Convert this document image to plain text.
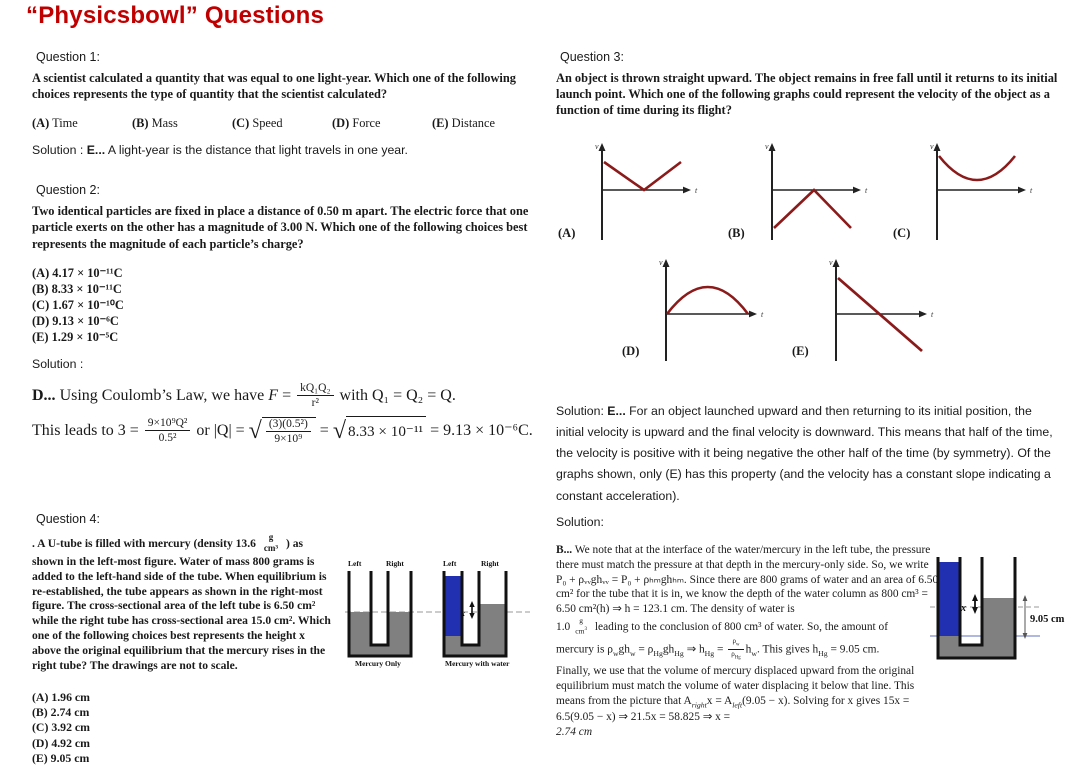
“Physicsbowl” Questions
Question 1:
A scientist calculated a quantity that was equal to one light-year. Which one of the following choices represents the type of quantity that the scientist calculated?
(A) Time	(B) Mass	(C) Speed	(D) Force	(E) Distance
Solution : E... A light-year is the distance that light travels in one year.
Question 2:
Two identical particles are fixed in place a distance of 0.50 m apart. The electric force that one particle exerts on the other has a magnitude of 3.00 N. Which one of the following choices best represents the magnitude of each particle’s charge?
(A) 4.17 × 10⁻¹¹C
(B) 8.33 × 10⁻¹¹C
(C) 1.67 × 10⁻¹⁰C
(D) 9.13 × 10⁻⁶C
(E) 1.29 × 10⁻⁵C
Solution :
D... Using Coulomb’s Law, we have $F = \frac{\text{kQ₁Q₂}}{\text{r²}}$ with Q₁ = Q₂ = Q.
This leads to $3 = \frac{\text{9×10⁹Q²}}{\text{0.5²}}$ or |Q| = √ $\frac{\text{(3)(0.5²)}}{\text{9×10⁹}}$ = √ 8.33 × 10⁻¹¹ = 9.13 × 10⁻⁶C.
Question 4:
. A U-tube is filled with mercury (density 13.6
g
cm³ ) as shown in the left-most figure. Water of mass 800 grams is added to the left-hand side of the tube. When equilibrium is re-established, the tube appears as shown in the right-most figure. The cross-sectional area of the left tube is 6.50 cm² while the right tube has cross-sectional area 15.0 cm². Which one of the following choices best represents the height x above the original equilibrium that the mercury rises in the right tube? The drawings are not to scale.
(A) 1.96 cm
(B) 2.74 cm
(C) 3.92 cm
(D) 4.92 cm
(E) 9.05 cm
Question 3:
An object is thrown straight upward. The object remains in free fall until it returns to its initial launch point. Which one of the following graphs could represent the velocity of the object as a function of time during its flight?
v
t
(A)
v
t
(B)
v
t
(C)
v
t
(D)
v
t
(E)
Solution: E... For an object launched upward and then returning to its initial position, the initial velocity is upward and the final velocity is downward. This means that half of the time, the velocity is positive with it being negative the other half of the time (by symmetry). Of the graphs shown, only (E) has this property (and the velocity has a constant slope indicating a constant acceleration).
Solution:
B... We note that at the interface of the water/mercury in the left tube, the pressure there must match the pressure at that depth in the mercury-only side. So, we write P₀ + ρᵥᵥghᵥᵥ = P₀ + ρₕₘghₕₘ. Since there are 800 grams of water and an area of 6.50 cm² for the tube that it is in, we know the depth of the water column as 800 cm³ = 6.50 cm²(h) ⇒ h = 123.1 cm. The density of water is
1.0
g
$cm^3$ leading to the conclusion of 800 cm³ of water. So, the amount of
mercury is $\rho_wgh_w = \rho_{Hg}gh_{Hg}$ ⇒ $h_{Hg} = \frac{\rho_w}{\rho_{Hg}} h_w$. This gives $h_{Hg} = 9.05$ cm.
Finally, we use that the volume of mercury displaced upward from the original equilibrium must match the volume of water displacing it below that line. This means from the picture that $A_{right}x = A_{left}(9.05 - x)$. Solving for x gives 15x = 6.5(9.05 − x) ⇒ 21.5x = 58.825 ⇒ x =
2.74 cm
Left	Right
Mercury Only
Left	Right
Mercury with water
x	x
9.05 cm
